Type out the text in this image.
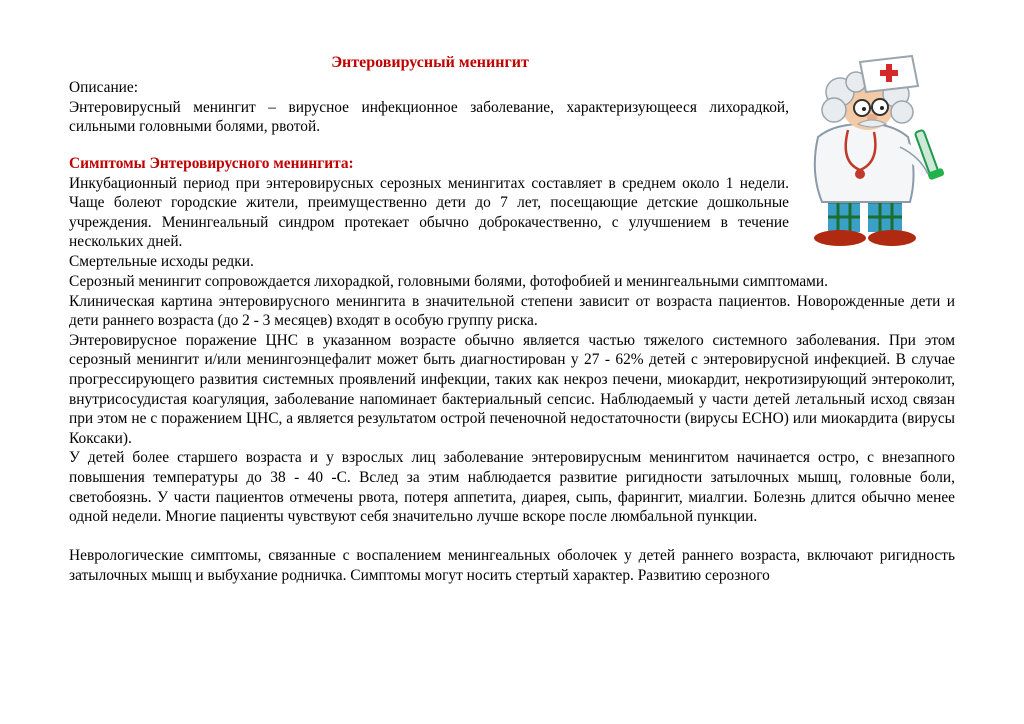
Энтеровирусный менингит

Описание:

Энтеровирусный менингит – вирусное инфекционное заболевание, характеризующееся лихорадкой, сильными головными болями, рвотой.

Симптомы Энтеровирусного менингита:

Инкубационный период при энтеровирусных серозных менингитах составляет в среднем около 1 недели. Чаще болеют городские жители, преимущественно дети до 7 лет, посещающие детские дошкольные учреждения. Менингеальный синдром протекает обычно доброкачественно, с улучшением в течение нескольких дней.

Смертельные исходы редки.

Серозный менингит сопровождается лихорадкой, головными болями, фотофобией и менингеальными симптомами.

Клиническая картина энтеровирусного менингита в значительной степени зависит от возраста пациентов. Новорожденные дети и дети раннего возраста (до 2 - 3 месяцев) входят в особую группу риска.

Энтеровирусное поражение ЦНС в указанном возрасте обычно является частью тяжелого системного заболевания. При этом серозный менингит и/или менингоэнцефалит может быть диагностирован у 27 - 62% детей с энтеровирусной инфекцией. В случае прогрессирующего развития системных проявлений инфекции, таких как некроз печени, миокардит, некротизирующий энтероколит, внутрисосудистая коагуляция, заболевание напоминает бактериальный сепсис. Наблюдаемый у части детей летальный исход связан при этом не с поражением ЦНС, а является результатом острой печеночной недостаточности (вирусы ЕСНО) или миокардита (вирусы Коксаки).

У детей более старшего возраста и у взрослых лиц заболевание энтеровирусным менингитом начинается остро, с внезапного повышения температуры до 38 - 40 -С. Вслед за этим наблюдается развитие ригидности затылочных мышц, головные боли, светобоязнь. У части пациентов отмечены рвота, потеря аппетита, диарея, сыпь, фарингит, миалгии. Болезнь длится обычно менее одной недели. Многие пациенты чувствуют себя значительно лучше вскоре после люмбальной пункции.

Неврологические симптомы, связанные с воспалением менингеальных оболочек у детей раннего возраста, включают ригидность затылочных мышц и выбухание родничка. Симптомы могут носить стертый характер. Развитию серозного
